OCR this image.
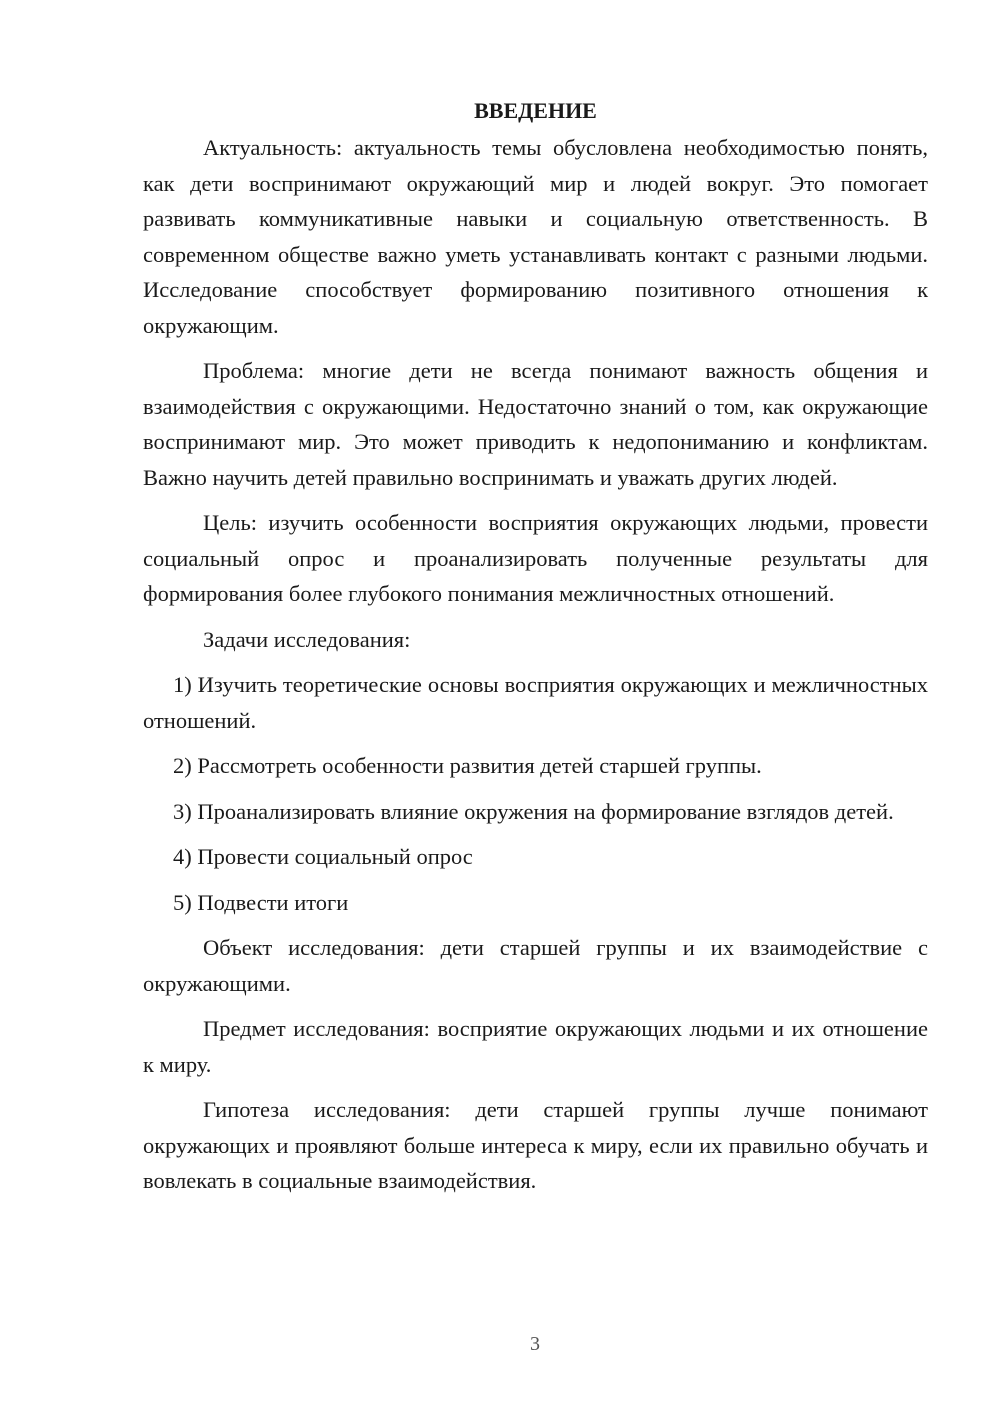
ВВЕДЕНИЕ

Актуальность: актуальность темы обусловлена необходимостью понять, как дети воспринимают окружающий мир и людей вокруг. Это помогает развивать коммуникативные навыки и социальную ответственность. В современном обществе важно уметь устанавливать контакт с разными людьми. Исследование способствует формированию позитивного отношения к окружающим.

Проблема: многие дети не всегда понимают важность общения и взаимодействия с окружающими. Недостаточно знаний о том, как окружающие воспринимают мир. Это может приводить к недопониманию и конфликтам. Важно научить детей правильно воспринимать и уважать других людей.

Цель: изучить особенности восприятия окружающих людьми, провести социальный опрос и проанализировать полученные результаты для формирования более глубокого понимания межличностных отношений.

Задачи исследования:

1) Изучить теоретические основы восприятия окружающих и межличностных отношений.

2) Рассмотреть особенности развития детей старшей группы.

3) Проанализировать влияние окружения на формирование взглядов детей.

4) Провести социальный опрос

5) Подвести итоги

Объект исследования: дети старшей группы и их взаимодействие с окружающими.

Предмет исследования: восприятие окружающих людьми и их отношение к миру.

Гипотеза исследования: дети старшей группы лучше понимают окружающих и проявляют больше интереса к миру, если их правильно обучать и вовлекать в социальные взаимодействия.

3
